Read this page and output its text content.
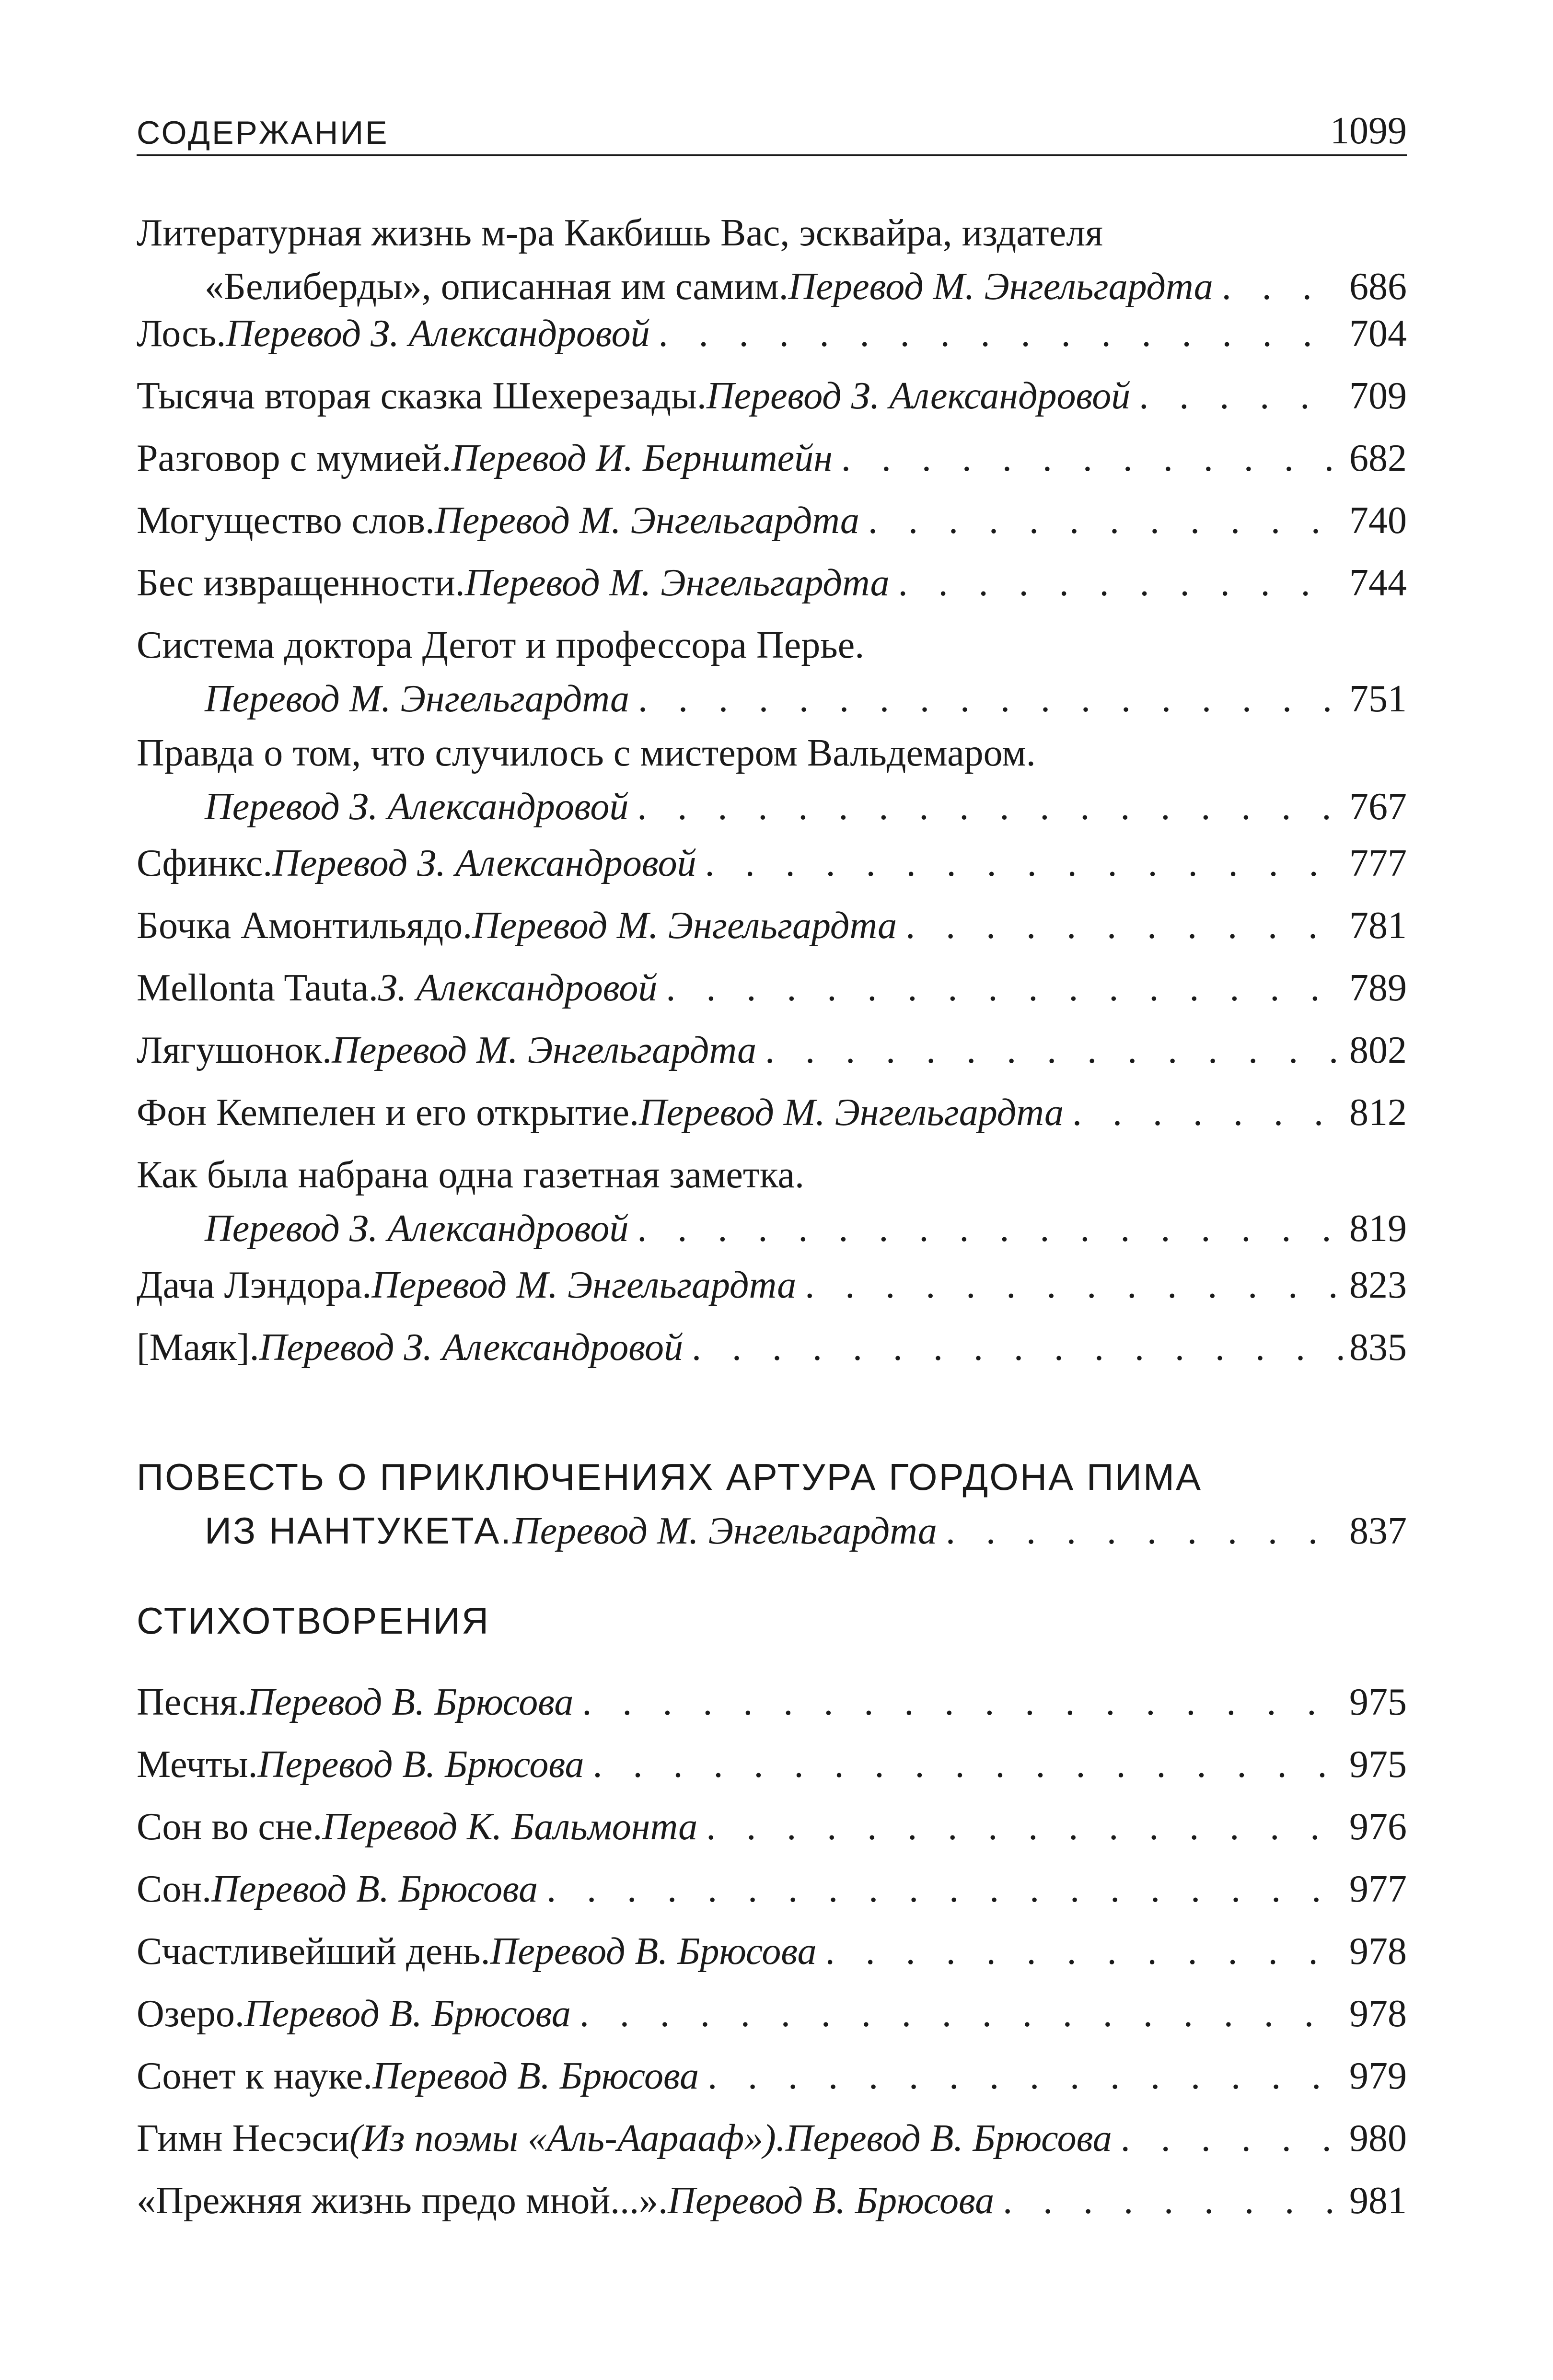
СОДЕРЖАНИЕ	1099
Литературная жизнь м-ра Какбишь Вас, эсквайра, издателя
«Белиберды», описанная им самим. Перевод М. Энгельгардта . . .	686
Лось. Перевод З. Александровой . . .	704
Тысяча вторая сказка Шехерезады. Перевод З. Александровой . . .	709
Разговор с мумией. Перевод И. Бернштейн . . .	682
Могущество слов. Перевод М. Энгельгардта . . .	740
Бес извращенности. Перевод М. Энгельгардта . . .	744
Система доктора Дегот и профессора Перье.
Перевод М. Энгельгардта . . .	751
Правда о том, что случилось с мистером Вальдемаром.
Перевод З. Александровой . . .	767
Сфинкс. Перевод З. Александровой . . .	777
Бочка Амонтильядо. Перевод М. Энгельгардта . . .	781
Mellonta Tauta. З. Александровой . . .	789
Лягушонок. Перевод М. Энгельгардта . . .	802
Фон Кемпелен и его открытие. Перевод М. Энгельгардта . . .	812
Как была набрана одна газетная заметка.
Перевод З. Александровой . . .	819
Дача Лэндора. Перевод М. Энгельгардта . . .	823
[Маяк]. Перевод З. Александровой . . .	835
ПОВЕСТЬ О ПРИКЛЮЧЕНИЯХ АРТУРА ГОРДОНА ПИМА
ИЗ НАНТУКЕТА. Перевод М. Энгельгардта . . .	837
СТИХОТВОРЕНИЯ
Песня. Перевод В. Брюсова . . .	975
Мечты. Перевод В. Брюсова . . .	975
Сон во сне. Перевод К. Бальмонта . . .	976
Сон. Перевод В. Брюсова . . .	977
Счастливейший день. Перевод В. Брюсова . . .	978
Озеро. Перевод В. Брюсова . . .	978
Сонет к науке. Перевод В. Брюсова . . .	979
Гимн Несэси (Из поэмы «Аль-Аарааф»). Перевод В. Брюсова . . .	980
«Прежняя жизнь предо мной...». Перевод В. Брюсова . . .	981
